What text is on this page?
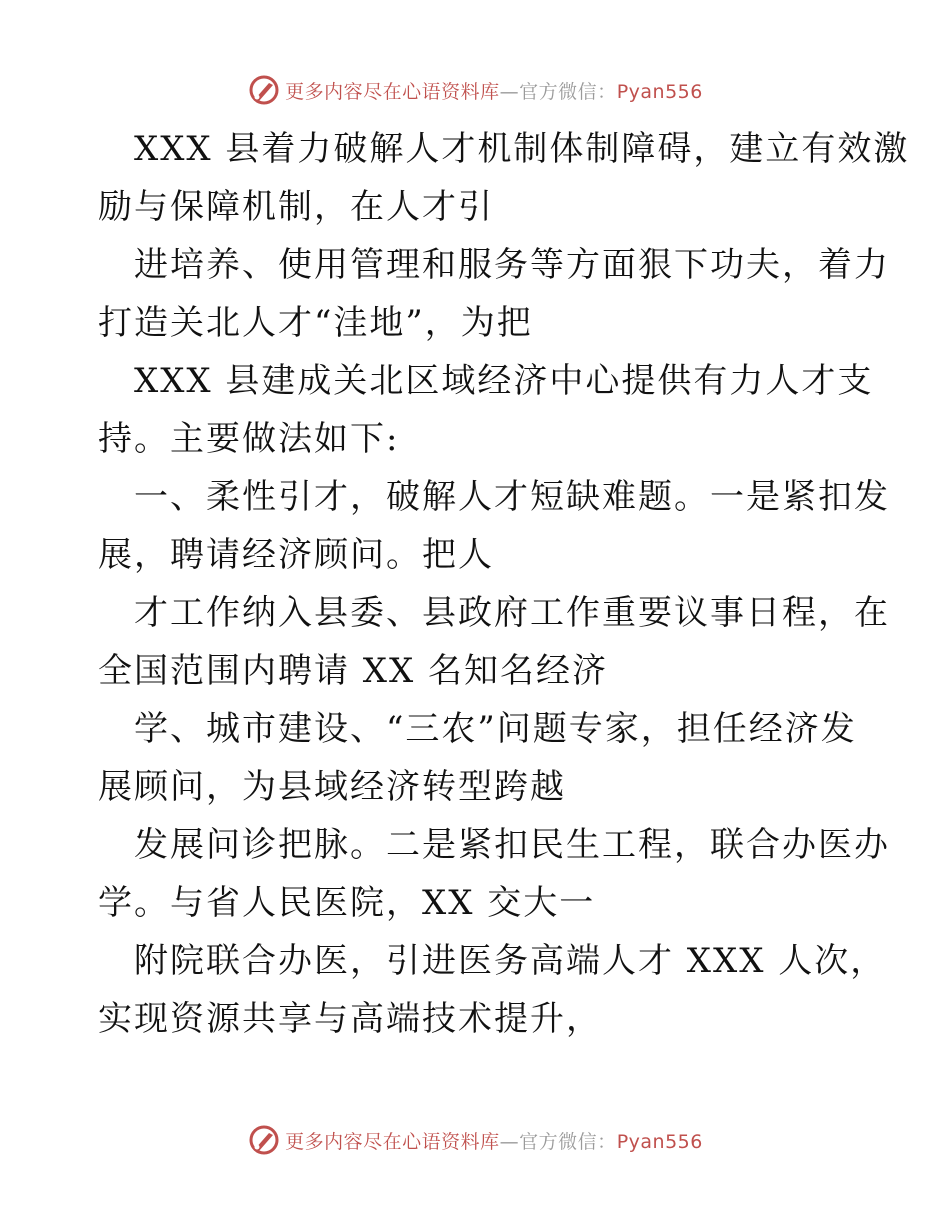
更多内容尽在心语资料库—官方微信：Pyan556

XXX 县着力破解人才机制体制障碍，建立有效激
励与保障机制，在人才引

进培养、使用管理和服务等方面狠下功夫，着力
打造关北人才“洼地”，为把

XXX 县建成关北区域经济中心提供有力人才支
持。主要做法如下:

一、柔性引才，破解人才短缺难题。一是紧扣发
展，聘请经济顾问。把人

才工作纳入县委、县政府工作重要议事日程，在
全国范围内聘请 XX 名知名经济

学、城市建设、“三农”问题专家，担任经济发
展顾问，为县域经济转型跨越

发展问诊把脉。二是紧扣民生工程，联合办医办
学。与省人民医院，XX 交大一

附院联合办医，引进医务高端人才 XXX 人次，
实现资源共享与高端技术提升，

更多内容尽在心语资料库—官方微信：Pyan556
